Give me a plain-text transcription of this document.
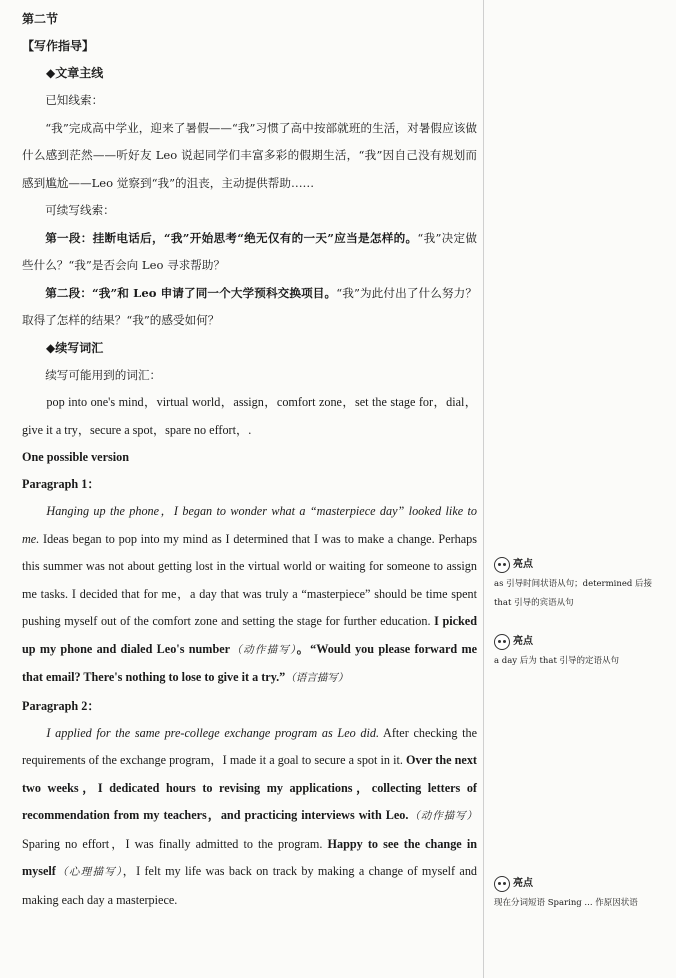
第二节

【写作指导】

◆文章主线

已知线索：

“我”完成高中学业，迎来了暑假——“我”习惯了高中按部就班的生活，对暑假应该做什么感到茫然——听好友 Leo 说起同学们丰富多彩的假期生活，“我”因自己没有规划而感到尴尬——Leo 觉察到“我”的沮丧，主动提供帮助……

可续写线索：

第一段：挂断电话后，“我”开始思考“绝无仅有的一天”应当是怎样的。“我”决定做些什么？“我”是否会向 Leo 寻求帮助？

第二段：“我”和 Leo 申请了同一个大学预科交换项目。“我”为此付出了什么努力？取得了怎样的结果？“我”的感受如何？

◆续写词汇

续写可能用到的词汇：

pop into one's mind，virtual world，assign，comfort zone，set the stage for，dial，give it a try，secure a spot，spare no effort，.

One possible version

Paragraph 1：

Hanging up the phone，I began to wonder what a “masterpiece day” looked like to me. Ideas began to pop into my mind as I determined that I was to make a change. Perhaps this summer was not about getting lost in the virtual world or waiting for someone to assign me tasks. I decided that for me，a day that was truly a “masterpiece” should be time spent pushing myself out of the comfort zone and setting the stage for further education. I picked up my phone and dialed Leo's number（动作描写）。“Would you please forward me that email? There's nothing to lose to give it a try.”（语言描写）

Paragraph 2：

I applied for the same pre-college exchange program as Leo did. After checking the requirements of the exchange program，I made it a goal to secure a spot in it. Over the next two weeks，I dedicated hours to revising my applications，collecting letters of recommendation from my teachers，and practicing interviews with Leo.（动作描写）Sparing no effort，I was finally admitted to the program. Happy to see the change in myself（心理描写），I felt my life was back on track by making a change of myself and making each day a masterpiece.

亮点
as 引导时间状语从句；determined 后接 that 引导的宾语从句
亮点
a day 后为 that 引导的定语从句
亮点
现在分词短语 Sparing ... 作原因状语
